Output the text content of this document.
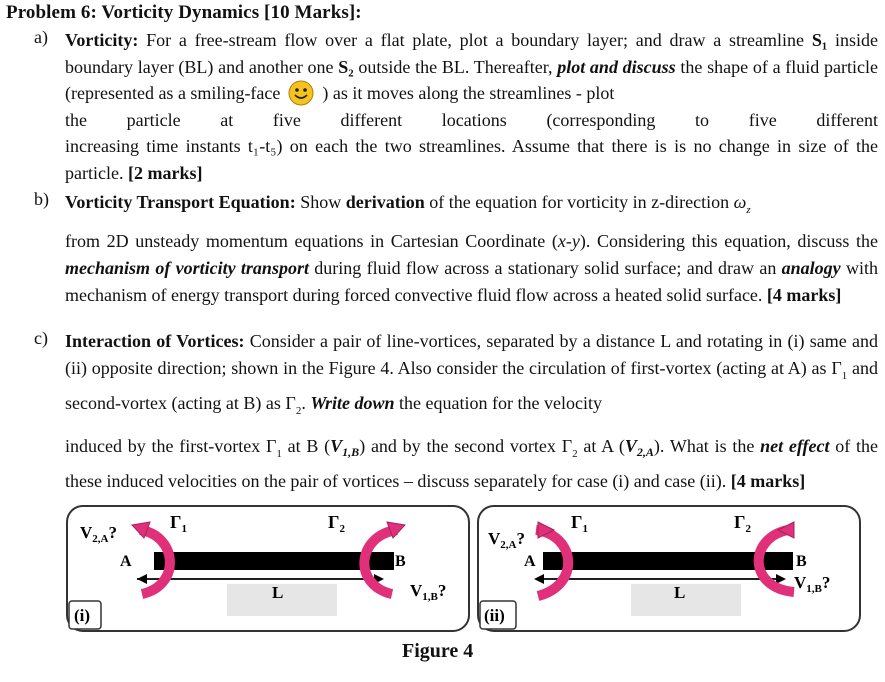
Problem 6: Vorticity Dynamics [10 Marks]:
a) Vorticity: For a free-stream flow over a flat plate, plot a boundary layer; and draw a streamline S₁ inside boundary layer (BL) and another one S₂ outside the BL. Thereafter, plot and discuss the shape of a fluid particle (represented as a smiling-face ) as it moves along the streamlines - plot

the particle at five different locations (corresponding to five different

increasing time instants t₁-t₅) on each the two streamlines. Assume that there is is no change in size of the particle. [2 marks]

b) Vorticity Transport Equation: Show derivation of the equation for vorticity in z-direction $\omega_z$
from 2D unsteady momentum equations in Cartesian Coordinate (x-y). Considering this equation, discuss the mechanism of vorticity transport during fluid flow across a stationary solid surface; and draw an analogy with mechanism of energy transport during forced convective fluid flow across a heated solid surface. [4 marks]

c) Interaction of Vortices: Consider a pair of line-vortices, separated by a distance L and rotating in (i) same and (ii) opposite direction; shown in the Figure 4. Also consider the circulation of first-vortex (acting at A) as $\Gamma_1$ and second-vortex (acting at B) as $\Gamma_2$. Write down the equation for the velocity
induced by the first-vortex $\Gamma_1$ at B $(V_{1,B})$ and by the second vortex $\Gamma_2$ at A $(V_{2,A})$. What is the net effect of the these induced velocities on the pair of vortices – discuss separately for case (i) and case (ii). [4 marks]

$V_{2,A}$?
A	B
$\Gamma_1$	$\Gamma_2$
L	$V_{1,B}$?
(i)
$V_{2,A}$?
A	B
$\Gamma_1$	$\Gamma_2$
L
$V_{1,B}$?
(ii)
Figure 4
